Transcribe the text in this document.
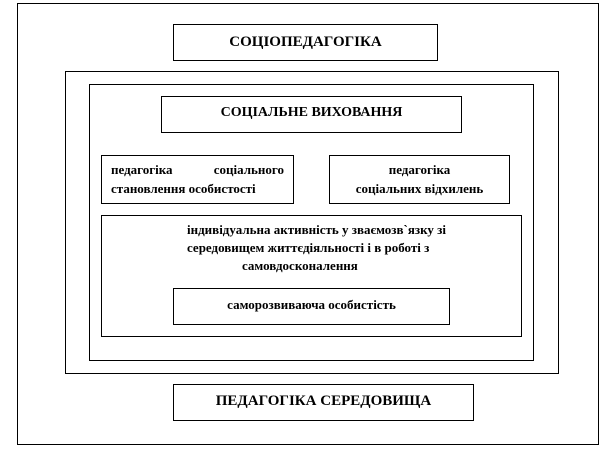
СОЦІОПЕДАГОГІКА
СОЦІАЛЬНЕ ВИХОВАННЯ
педагогіка	соціального
становлення особистості
педагогіка
соціальних відхилень
індивідуальна активність у зваємозв`язку зі
середовищем життєдіяльності і в роботі з
самовдосконалення
саморозвиваюча особистість
ПЕДАГОГІКА СЕРЕДОВИЩА
